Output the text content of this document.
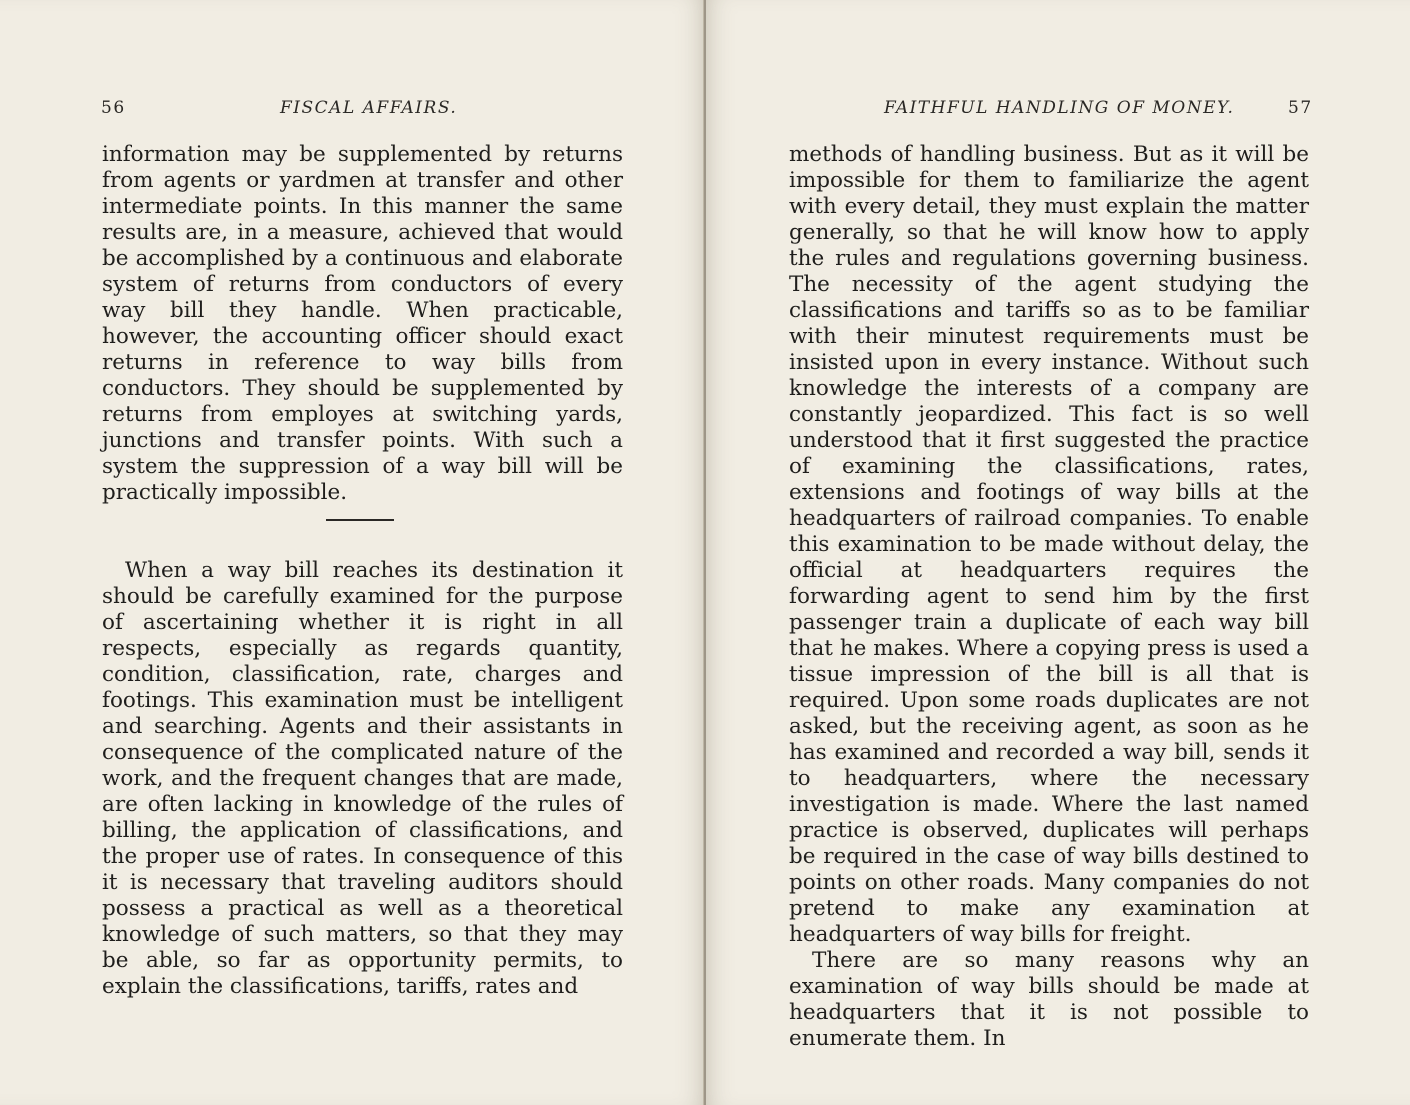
56	FISCAL AFFAIRS.

information may be supplemented by returns from agents or yardmen at transfer and other intermediate points. In this manner the same results are, in a measure, achieved that would be accomplished by a continuous and elaborate system of returns from conductors of every way bill they handle. When practicable, however, the accounting officer should exact returns in reference to way bills from conductors. They should be supplemented by returns from employes at switching yards, junctions and transfer points. With such a system the suppression of a way bill will be practically impossible.

When a way bill reaches its destination it should be carefully examined for the purpose of ascertaining whether it is right in all respects, especially as regards quantity, condition, classification, rate, charges and footings. This examination must be intelligent and searching. Agents and their assistants in consequence of the complicated nature of the work, and the frequent changes that are made, are often lacking in knowledge of the rules of billing, the application of classifications, and the proper use of rates. In consequence of this it is necessary that traveling auditors should possess a practical as well as a theoretical knowledge of such matters, so that they may be able, so far as opportunity permits, to explain the classifications, tariffs, rates and

FAITHFUL HANDLING OF MONEY.	57

methods of handling business. But as it will be impossible for them to familiarize the agent with every detail, they must explain the matter generally, so that he will know how to apply the rules and regulations governing business. The necessity of the agent studying the classifications and tariffs so as to be familiar with their minutest requirements must be insisted upon in every instance. Without such knowledge the interests of a company are constantly jeopardized. This fact is so well understood that it first suggested the practice of examining the classifications, rates, extensions and footings of way bills at the headquarters of railroad companies. To enable this examination to be made without delay, the official at headquarters requires the forwarding agent to send him by the first passenger train a duplicate of each way bill that he makes. Where a copying press is used a tissue impression of the bill is all that is required. Upon some roads duplicates are not asked, but the receiving agent, as soon as he has examined and recorded a way bill, sends it to headquarters, where the necessary investigation is made. Where the last named practice is observed, duplicates will perhaps be required in the case of way bills destined to points on other roads. Many companies do not pretend to make any examination at headquarters of way bills for freight.

There are so many reasons why an examination of way bills should be made at headquarters that it is not possible to enumerate them. In
